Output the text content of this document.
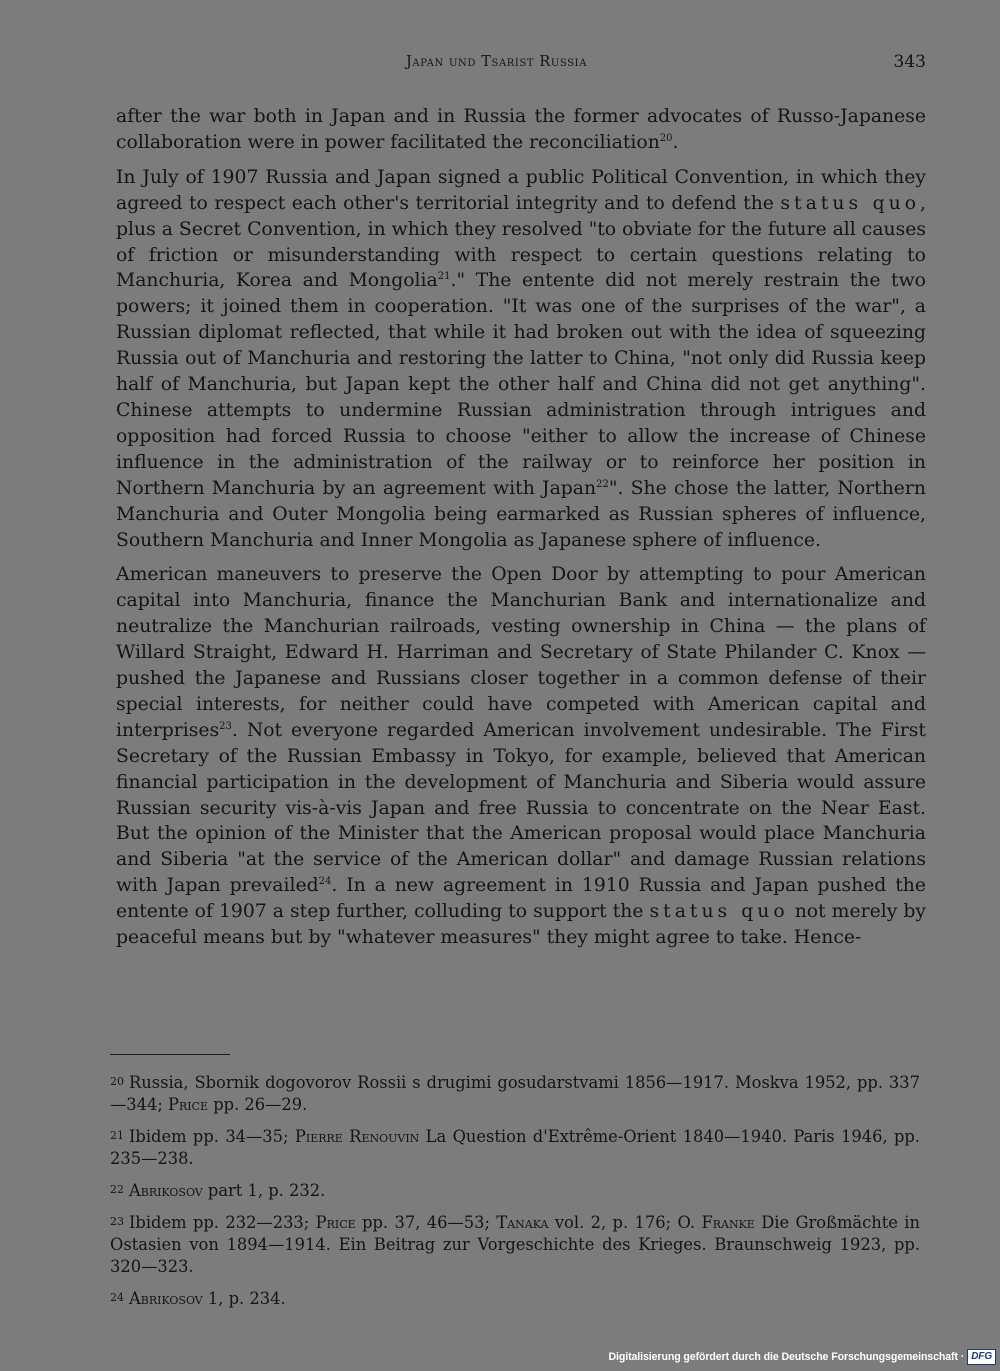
Japan und Tsarist Russia	343

after the war both in Japan and in Russia the former advocates of Russo-Japanese collaboration were in power facilitated the reconciliation$^{20}$.

In July of 1907 Russia and Japan signed a public Political Convention, in which they agreed to respect each other's territorial integrity and to defend the status quo, plus a Secret Convention, in which they resolved "to obviate for the future all causes of friction or misunderstanding with respect to certain questions relating to Manchuria, Korea and Mongolia$^{21}$." The entente did not merely restrain the two powers; it joined them in cooperation. "It was one of the surprises of the war", a Russian diplomat reflected, that while it had broken out with the idea of squeezing Russia out of Manchuria and restoring the latter to China, "not only did Russia keep half of Manchuria, but Japan kept the other half and China did not get anything". Chinese attempts to undermine Russian administration through intrigues and opposition had forced Russia to choose "either to allow the increase of Chinese influence in the administration of the railway or to reinforce her position in Northern Manchuria by an agreement with Japan$^{22}$". She chose the latter, Northern Manchuria and Outer Mongolia being earmarked as Russian spheres of influence, Southern Manchuria and Inner Mongolia as Japanese sphere of influence.

American maneuvers to preserve the Open Door by attempting to pour American capital into Manchuria, finance the Manchurian Bank and internationalize and neutralize the Manchurian railroads, vesting ownership in China — the plans of Willard Straight, Edward H. Harriman and Secretary of State Philander C. Knox — pushed the Japanese and Russians closer together in a common defense of their special interests, for neither could have competed with American capital and interprises$^{23}$. Not everyone regarded American involvement undesirable. The First Secretary of the Russian Embassy in Tokyo, for example, believed that American financial participation in the development of Manchuria and Siberia would assure Russian security vis-à-vis Japan and free Russia to concentrate on the Near East. But the opinion of the Minister that the American proposal would place Manchuria and Siberia "at the service of the American dollar" and damage Russian relations with Japan prevailed$^{24}$. In a new agreement in 1910 Russia and Japan pushed the entente of 1907 a step further, colluding to support the status quo not merely by peaceful means but by "whatever measures" they might agree to take. Hence-

20 Russia, Sbornik dogovorov Rossii s drugimi gosudarstvami 1856—1917. Moskva 1952, pp. 337—344; Price pp. 26—29.
21 Ibidem pp. 34—35; Pierre Renouvin La Question d'Extrême-Orient 1840—1940. Paris 1946, pp. 235—238.
22 Abrikosov part 1, p. 232.
23 Ibidem pp. 232—233; Price pp. 37, 46—53; Tanaka vol. 2, p. 176; O. Franke Die Großmächte in Ostasien von 1894—1914. Ein Beitrag zur Vorgeschichte des Krieges. Braunschweig 1923, pp. 320—323.
24 Abrikosov 1, p. 234.
Digitalisierung gefördert durch die Deutsche Forschungsgemeinschaft · DFG
